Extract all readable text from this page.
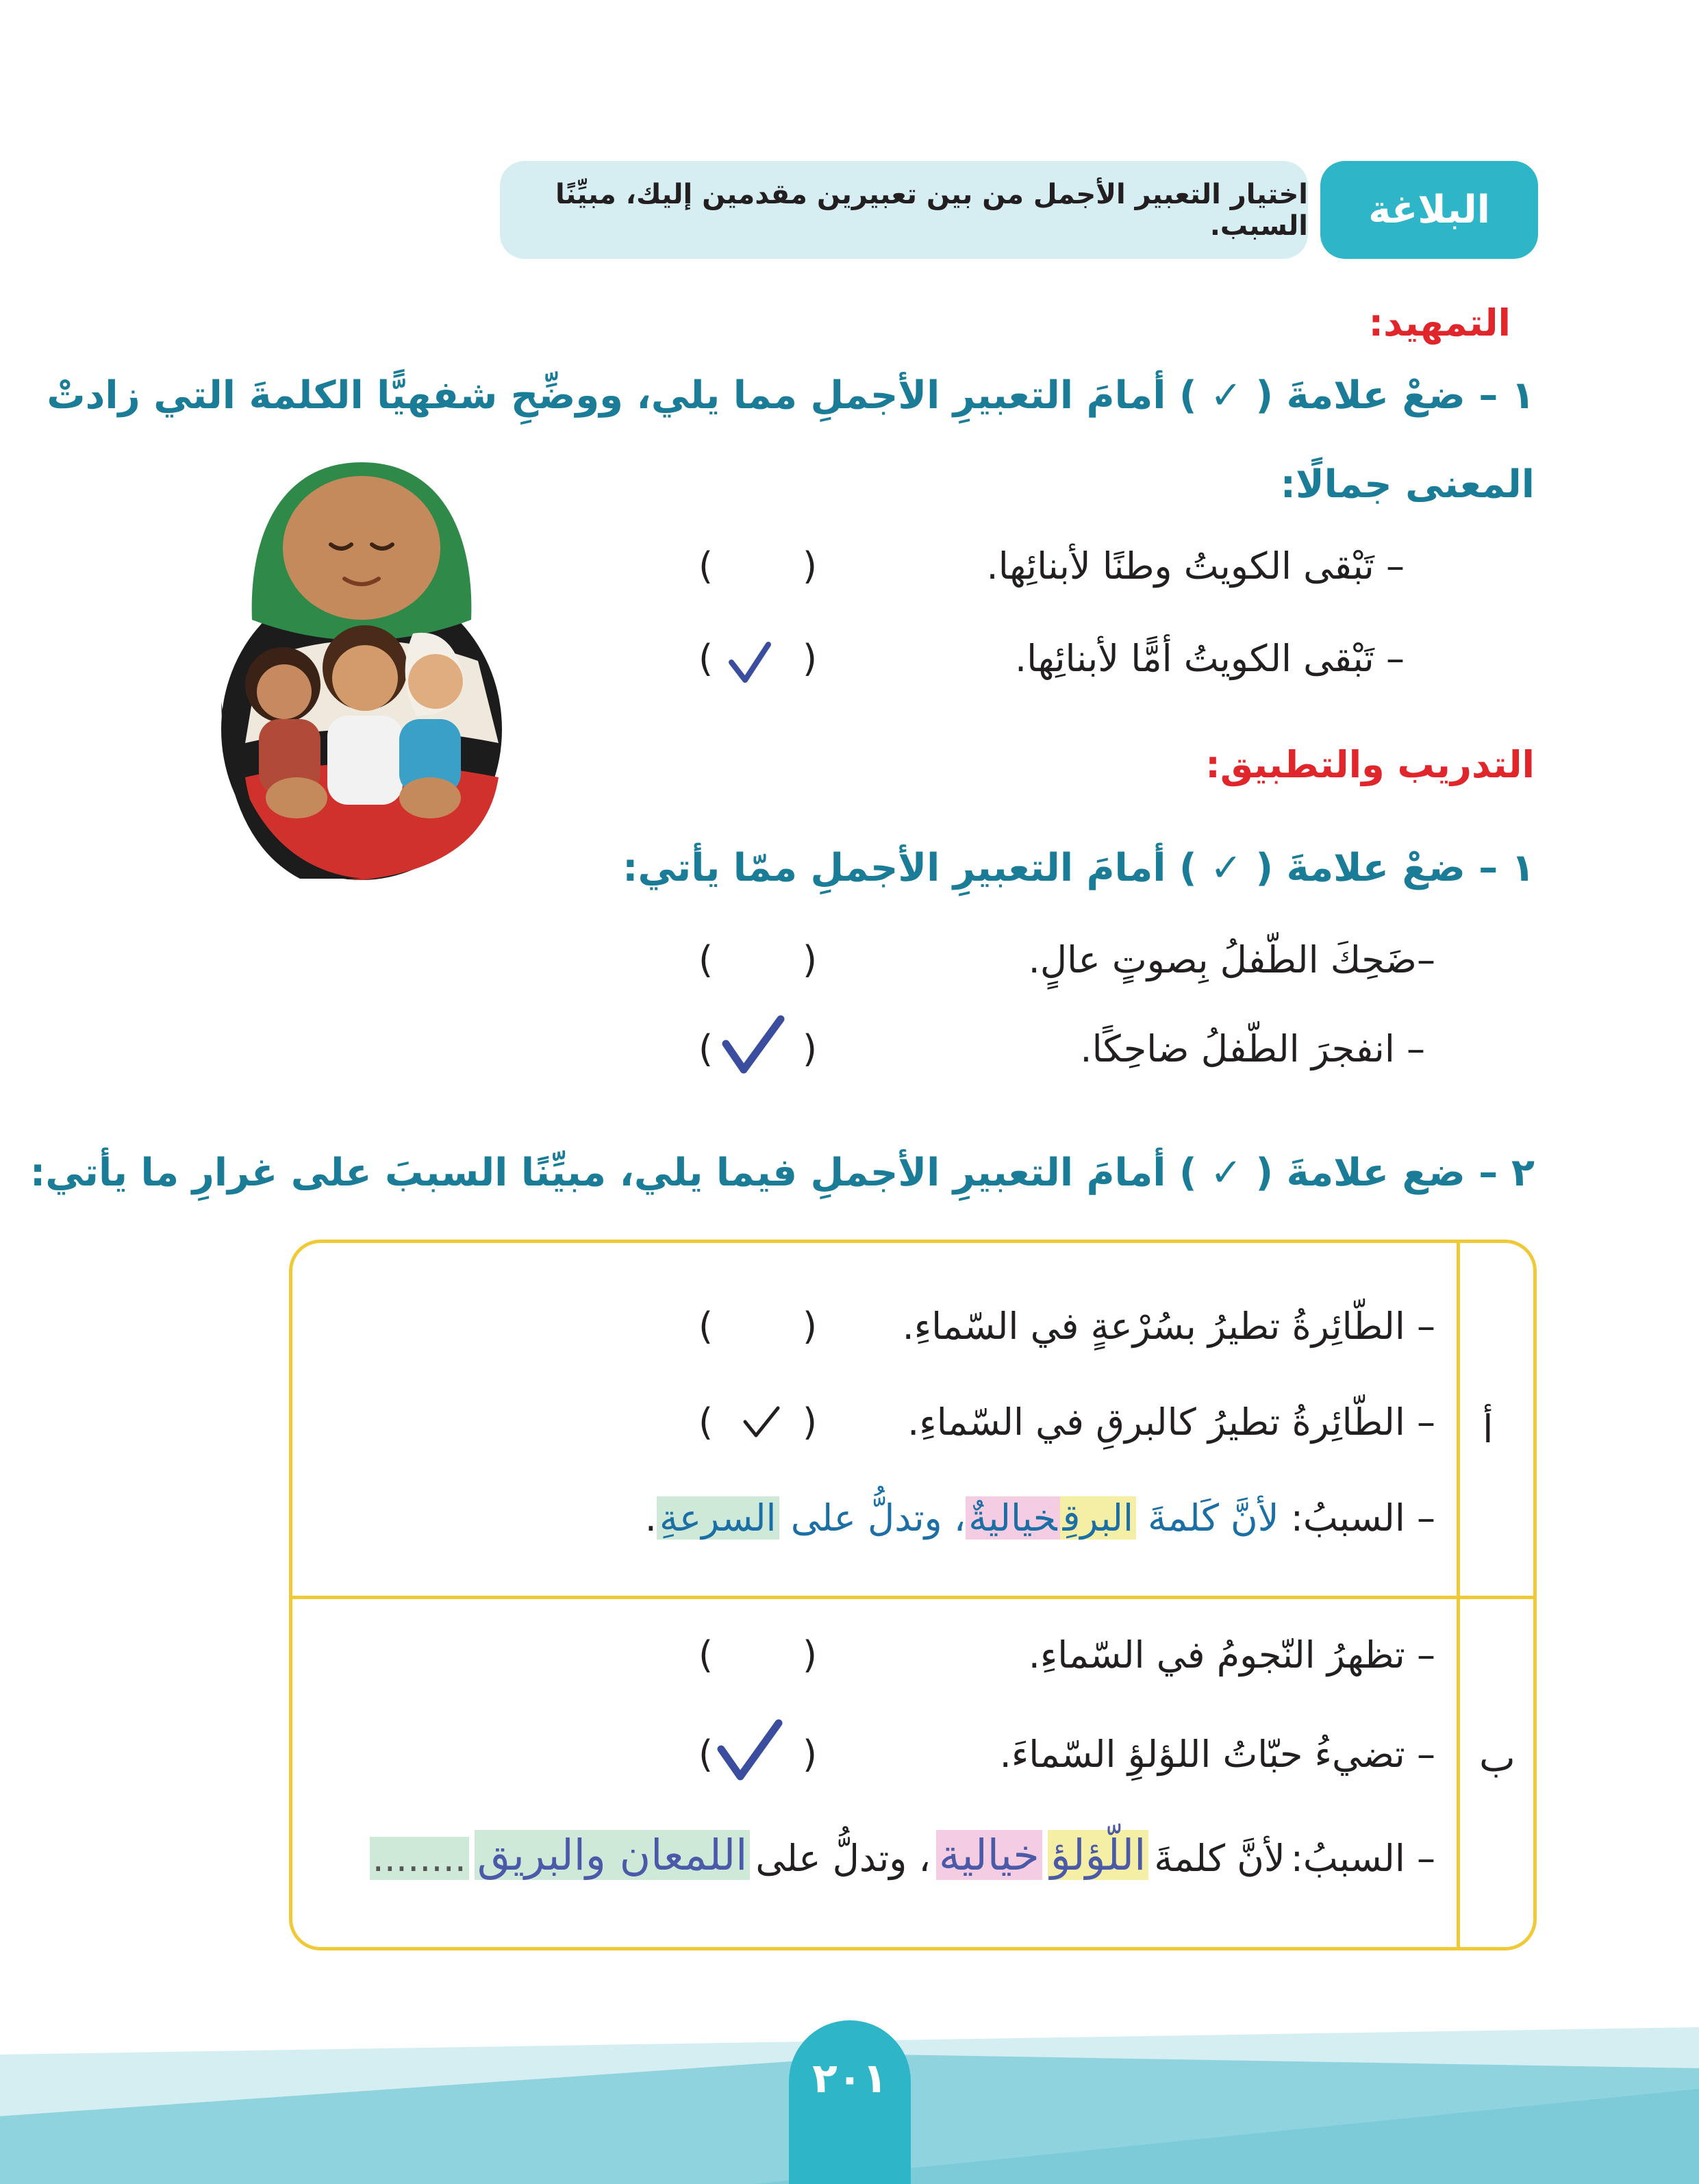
البلاغة
اختيار التعبير الأجمل من بين تعبيرين مقدمين إليك، مبيِّنًا السبب.
التمهيد:
١ – ضعْ علامةَ ( ✓ ) أمامَ التعبيرِ الأجملِ مما يلي، ووضِّحِ شفهيًّا الكلمةَ التي زادتْ
المعنى جمالًا:
– تَبْقى الكويتُ وطنًا لأبنائِها.
(
)
– تَبْقى الكويتُ أمًّا لأبنائِها.
(
)
التدريب والتطبيق:
١ – ضعْ علامةَ ( ✓ ) أمامَ التعبيرِ الأجملِ ممّا يأتي:
–ضَحِكَ الطّفلُ بِصوتٍ عالٍ.
(
)
– انفجرَ الطّفلُ ضاحِكًا.
(
)
٢ – ضع علامةَ ( ✓ ) أمامَ التعبيرِ الأجملِ فيما يلي، مبيِّنًا السببَ على غرارِ ما يأتي:
أ
– الطّائِرةُ تطيرُ بسُرْعةٍ في السّماءِ.
(
)
– الطّائِرةُ تطيرُ كالبرقِ في السّماءِ.
(
)
– السببُ: لأنَّ كَلمةَ البرقِخياليةٌ، وتدلُّ على السرعةِ.
ب
– تظهرُ النّجومُ في السّماءِ.
(
)
– تضيءُ حبّاتُ اللؤلؤِ السّماءَ.
(
)
– السببُ:
لأنَّ كلمةَ
اللّؤلؤ
خيالية
، وتدلُّ على
اللمعان والبريق
........
٢٠١
